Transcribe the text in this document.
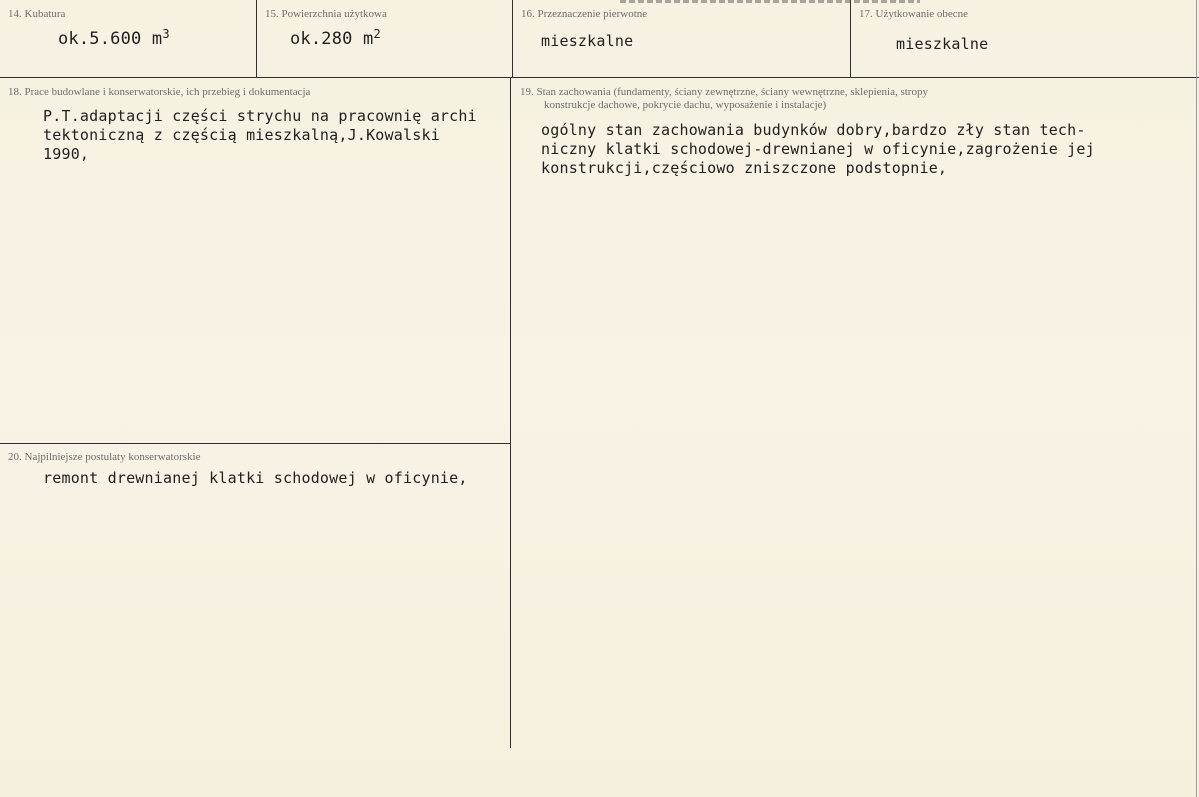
14. Kubatura
ok.5.600 $m^3$
15. Powierzchnia użytkowa
ok.280 $m^2$
16. Przeznaczenie pierwotne
mieszkalne
17. Użytkowanie obecne
mieszkalne
18. Prace budowlane i konserwatorskie, ich przebieg i dokumentacja
P.T.adaptacji części strychu na pracownię archi
tektoniczną z częścią mieszkalną,J.Kowalski
1990,
19. Stan zachowania (fundamenty, ściany zewnętrzne, ściany wewnętrzne, sklepienia, stropy
konstrukcje dachowe, pokrycie dachu, wyposażenie i instalacje)
ogólny stan zachowania budynków dobry,bardzo zły stan tech-
niczny klatki schodowej-drewnianej w oficynie,zagrożenie jej
konstrukcji,częściowo zniszczone podstopnie,
20. Najpilniejsze postulaty konserwatorskie
remont drewnianej klatki schodowej w oficynie,
